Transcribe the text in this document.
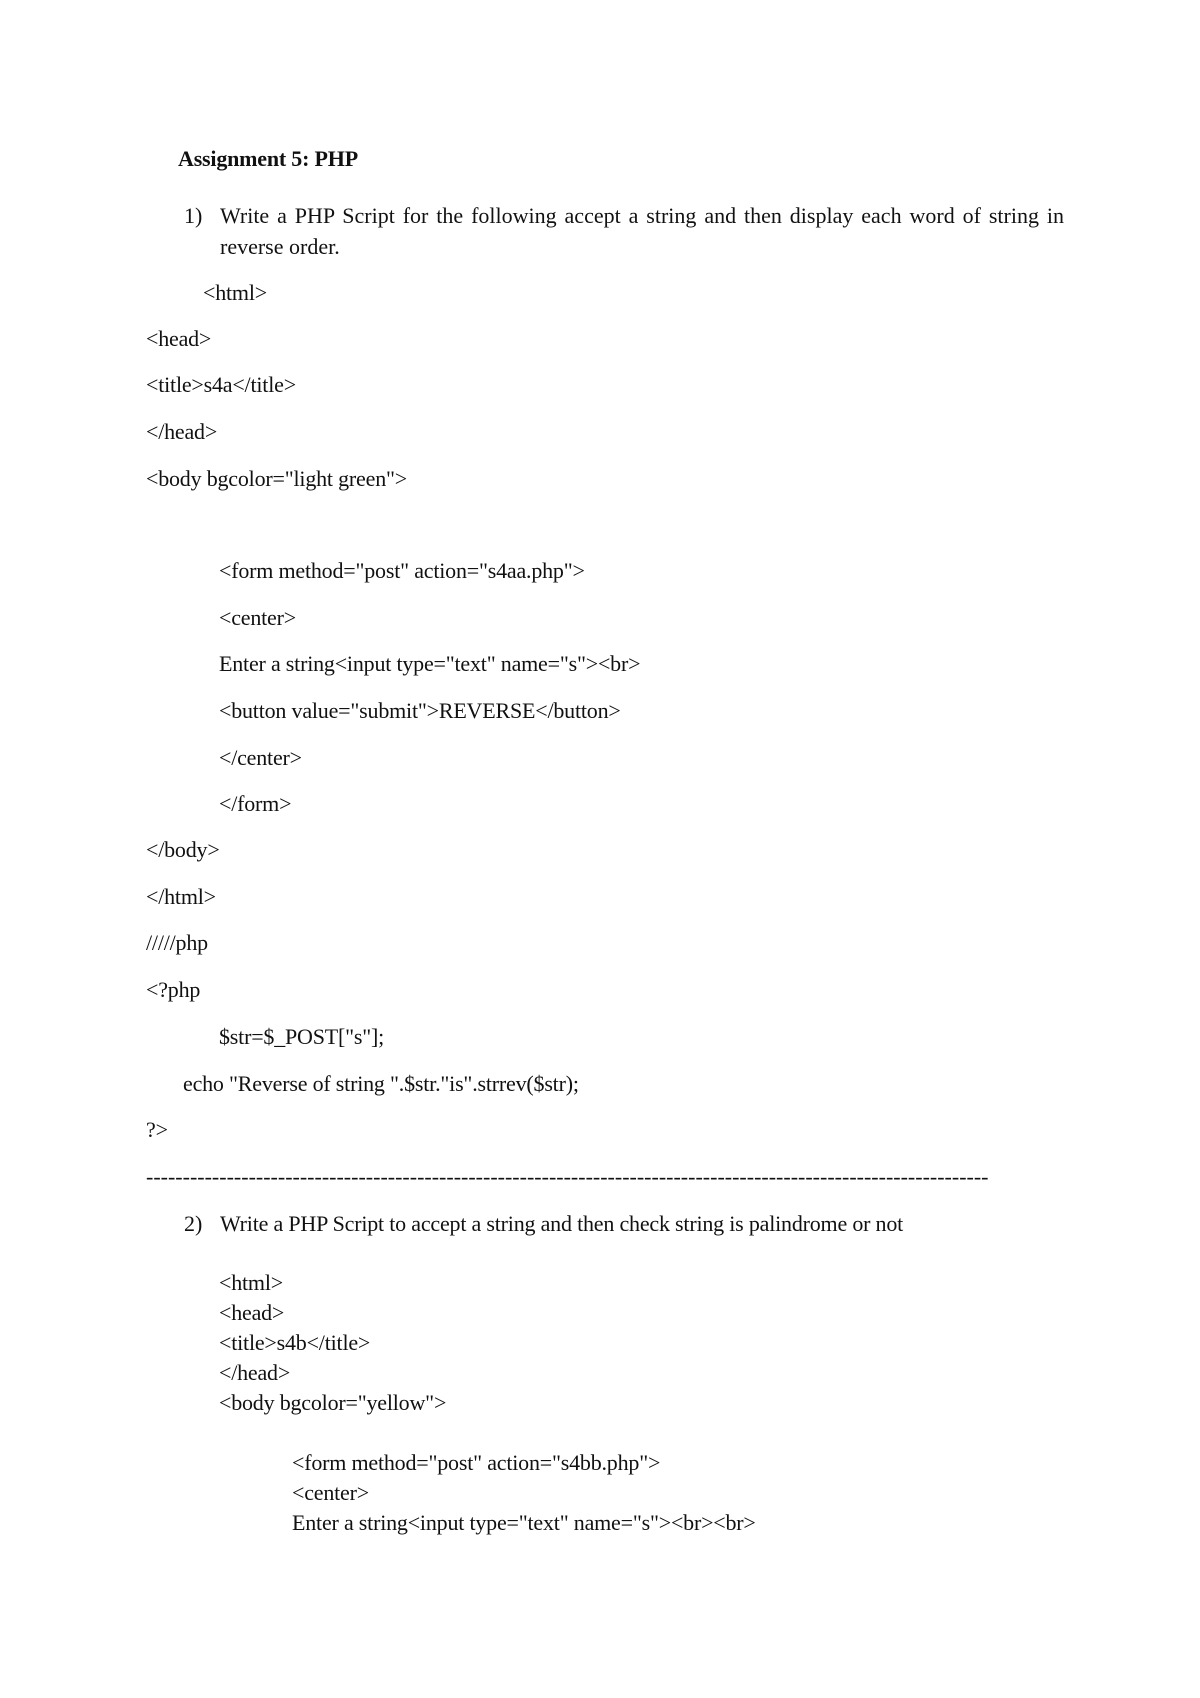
Assignment 5: PHP
1) Write a PHP Script for the following accept a string and then display each word of string in reverse order.
<html>
<head>
<title>s4a</title>
</head>
<body bgcolor="light green">
<form method="post" action="s4aa.php">
<center>
Enter a string<input type="text" name="s"><br>
<button value="submit">REVERSE</button>
</center>
</form>
</body>
</html>
/////php
<?php
$str=$_POST["s"];
echo "Reverse of string ".$str."is".strrev($str);
?>
-------------------------------------------------------------------------------------------------------------------
2) Write a PHP Script to accept a string and then check string is palindrome or not
<html>
<head>
<title>s4b</title>
</head>
<body bgcolor="yellow">
<form method="post" action="s4bb.php">
<center>
Enter a string<input type="text" name="s"><br><br>
